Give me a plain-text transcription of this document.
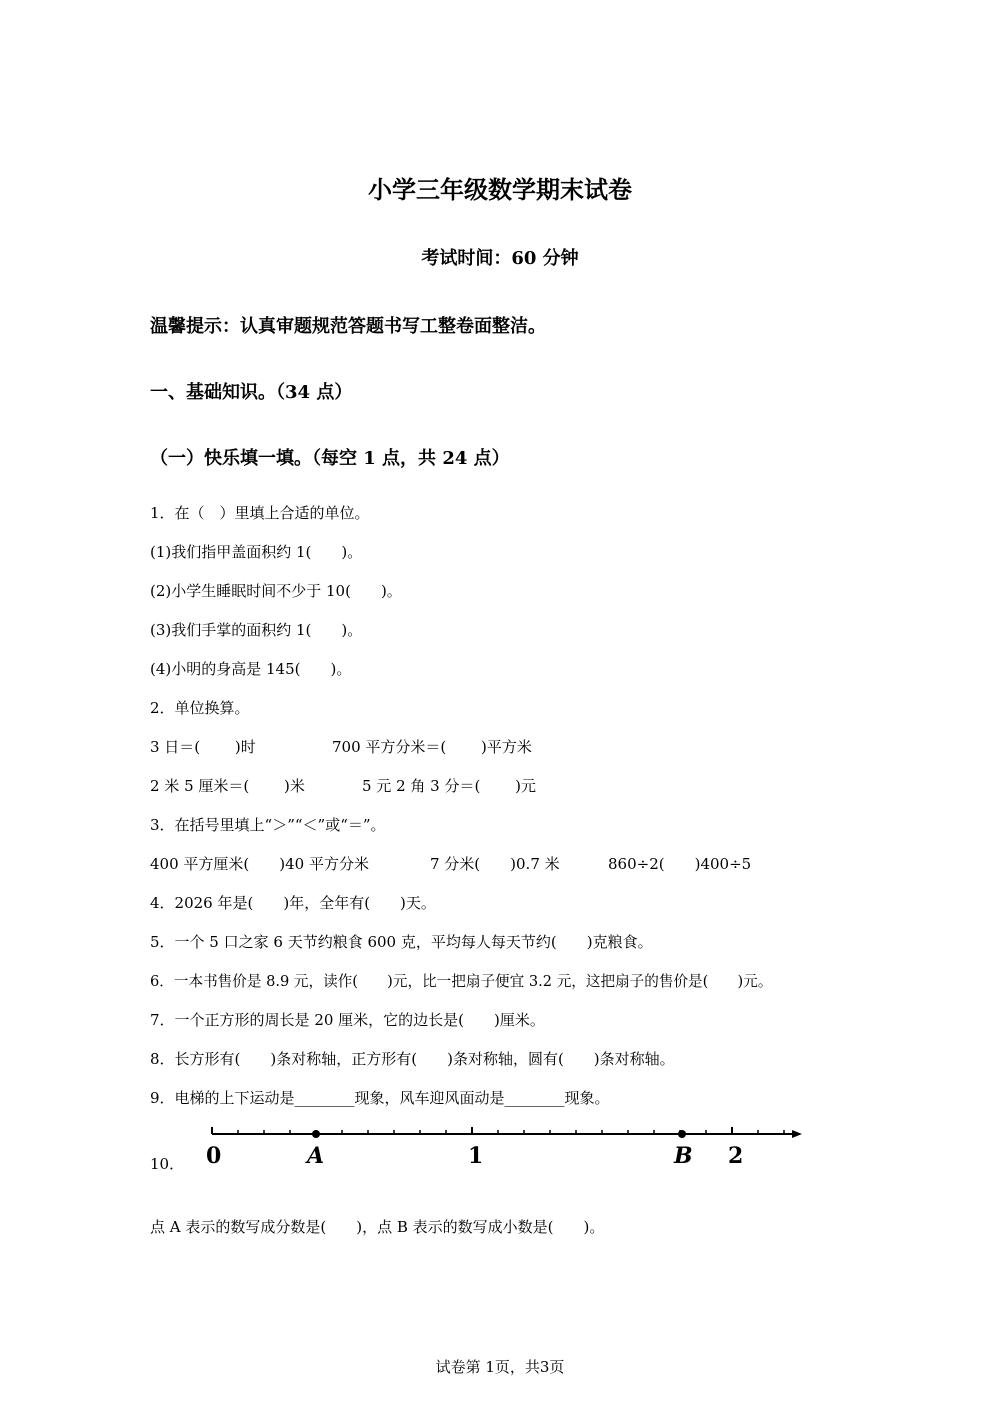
小学三年级数学期末试卷
考试时间：60 分钟
温馨提示：认真审题规范答题书写工整卷面整洁。
一、基础知识。（34 点）
（一）快乐填一填。（每空 1 点，共 24 点）
1．在（　）里填上合适的单位。
(1)我们指甲盖面积约 1(　　)。
(2)小学生睡眠时间不少于 10(　　)。
(3)我们手掌的面积约 1(　　)。
(4)小明的身高是 145(　　)。
2．单位换算。
3 日＝(　　 )时	700 平方分米＝(　　 )平方米
2 米 5 厘米＝(　　 )米	5 元 2 角 3 分＝(　　 )元
3．在括号里填上“＞”“＜”或“＝”。
400 平方厘米(　　)40 平方分米	7 分米(　　)0.7 米	860÷2(　　)400÷5
4．2026 年是(　　)年，全年有(　　)天。
5．一个 5 口之家 6 天节约粮食 600 克，平均每人每天节约(　　)克粮食。
6．一本书售价是 8.9 元，读作(　　)元，比一把扇子便宜 3.2 元，这把扇子的售价是(　　)元。
7．一个正方形的周长是 20 厘米，它的边长是(　　)厘米。
8．长方形有(　　)条对称轴，正方形有(　　)条对称轴，圆有(　　)条对称轴。
9．电梯的上下运动是________现象，风车迎风面动是________现象。
10． 0	A	1	B 2
点 A 表示的数写成分数是(　　)，点 B 表示的数写成小数是(　　)。
试卷第 1页，共3页
